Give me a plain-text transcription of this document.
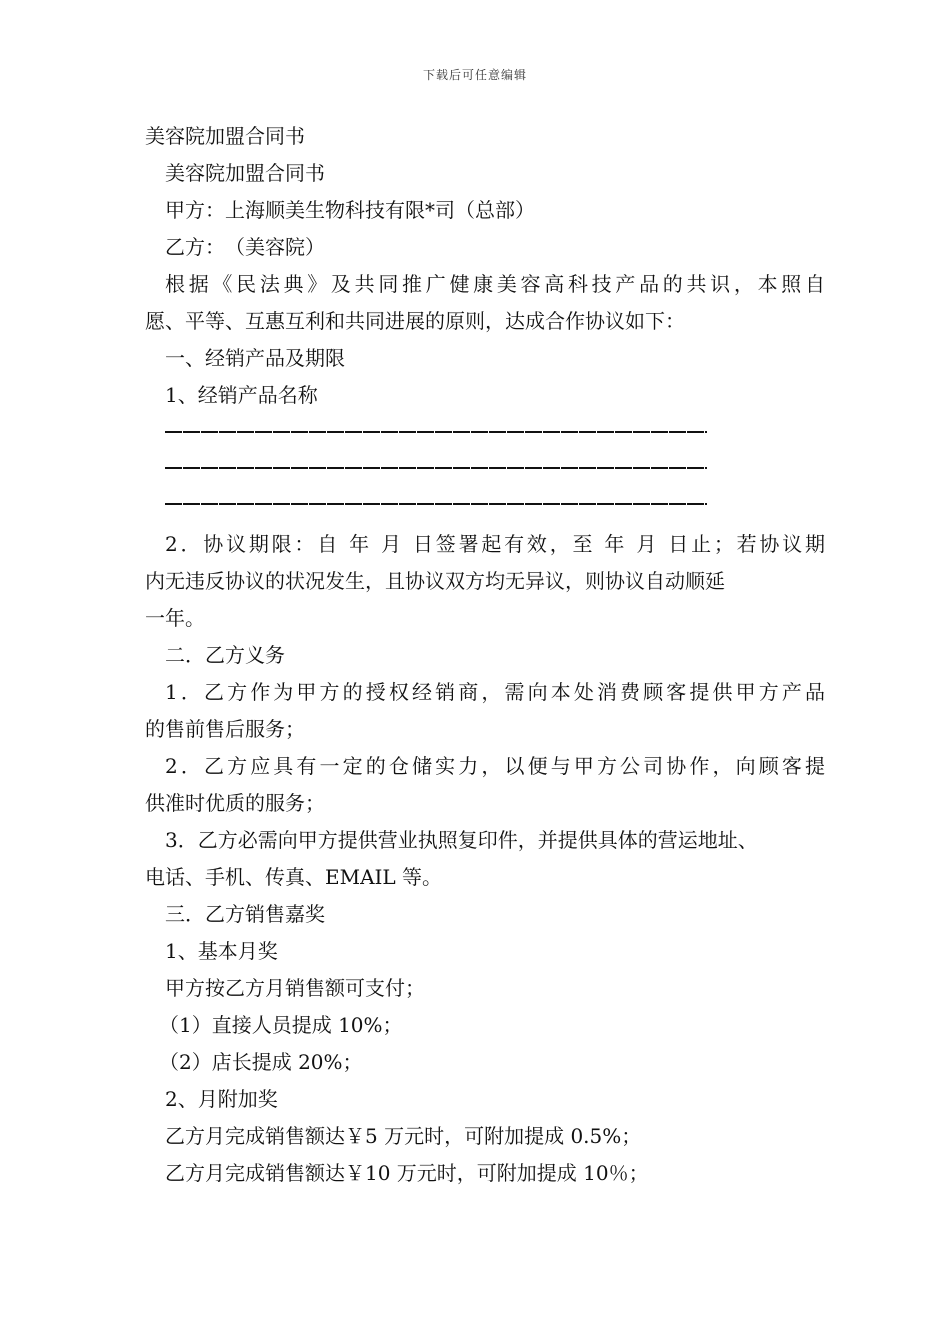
下载后可任意编辑
美容院加盟合同书
美容院加盟合同书
甲方：上海顺美生物科技有限*司（总部）
乙方：　（美容院）
根据《民法典》及共同推广健康美容高科技产品的共识，本照自
愿、平等、互惠互利和共同进展的原则，达成合作协议如下：
一、经销产品及期限
1、经销产品名称
2．协议期限：自 年 月 日签署起有效，至 年 月 日止；若协议期
内无违反协议的状况发生，且协议双方均无异议，则协议自动顺延
一年。
二．乙方义务
1．乙方作为甲方的授权经销商，需向本处消费顾客提供甲方产品
的售前售后服务；
2．乙方应具有一定的仓储实力，以便与甲方公司协作，向顾客提
供准时优质的服务；
3．乙方必需向甲方提供营业执照复印件，并提供具体的营运地址、
电话、手机、传真、EMAIL 等。
三．乙方销售嘉奖
1、基本月奖
甲方按乙方月销售额可支付；
（1）直接人员提成 10%；
（2）店长提成 20%；
2、月附加奖
乙方月完成销售额达￥5 万元时，可附加提成 0.5%；
乙方月完成销售额达￥10 万元时，可附加提成 10％；
